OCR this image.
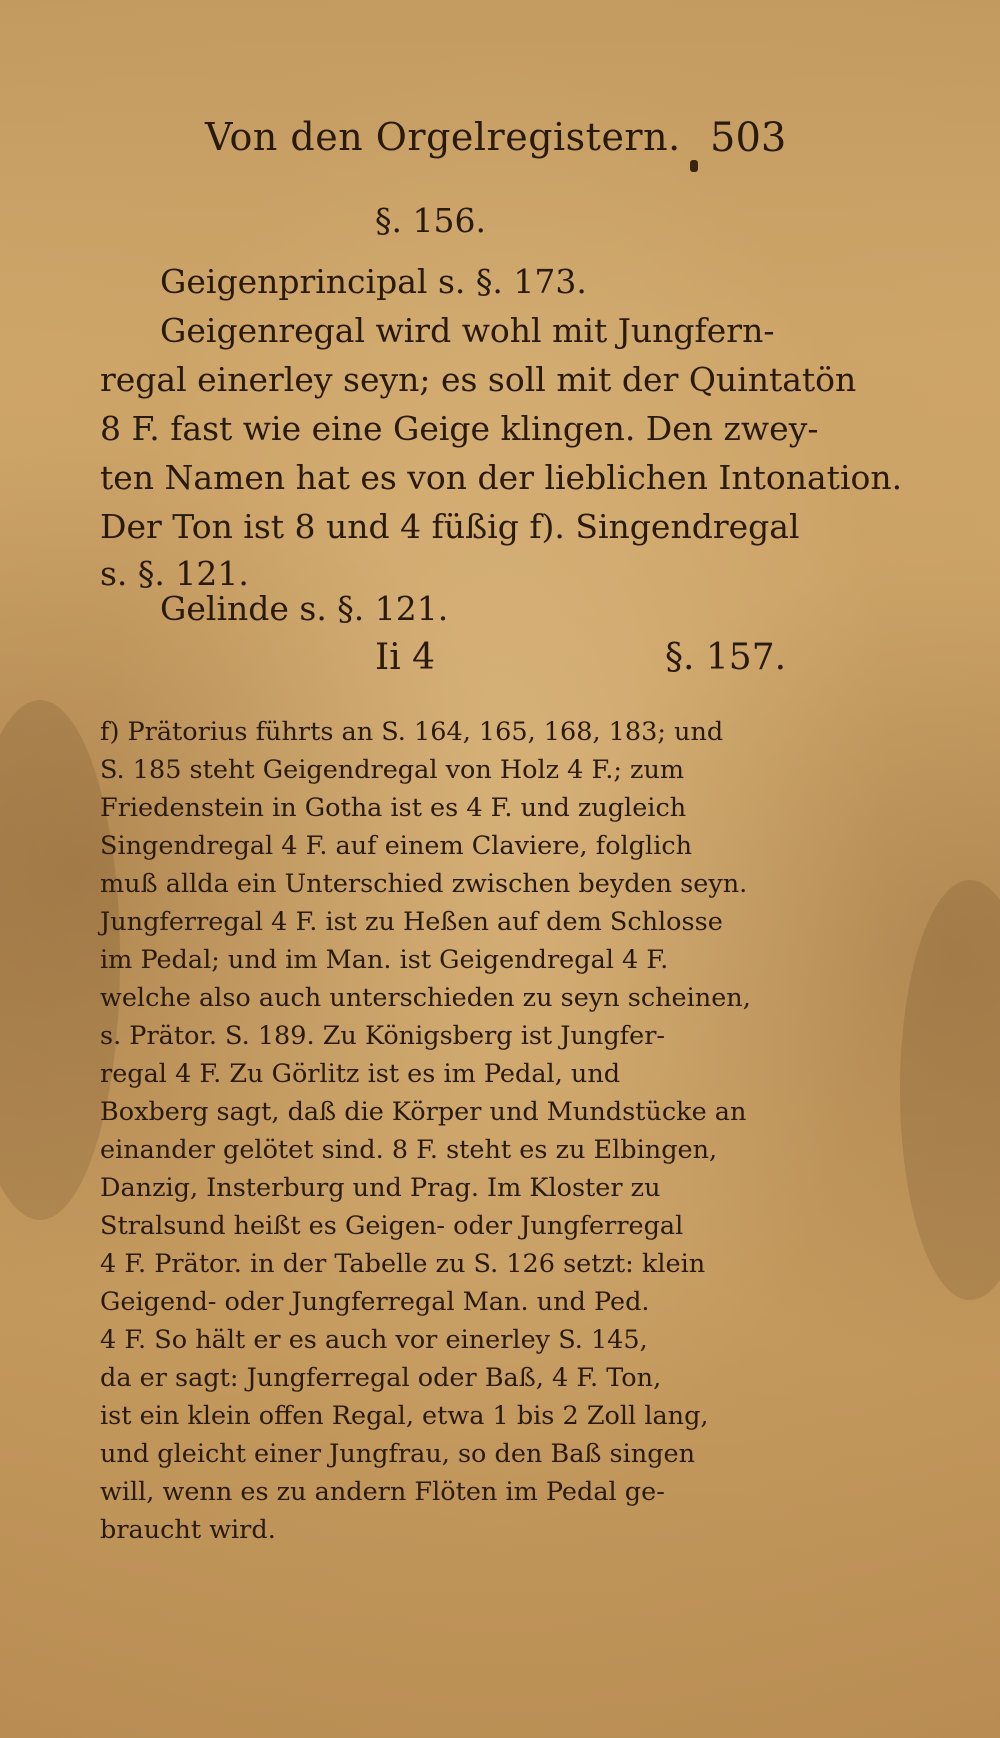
Von den Orgelregistern. 503
§. 156.
Geigenprincipal s. §. 173.
Geigenregal wird wohl mit Jungfern-
regal einerley seyn; es soll mit der Quintatön
8 F. fast wie eine Geige klingen. Den zwey-
ten Namen hat es von der lieblichen Intonation.
Der Ton ist 8 und 4 füßig f). Singendregal
s. §. 121.
Gelinde s. §. 121.
Ii 4	§. 157.
f) Prätorius führts an S. 164, 165, 168, 183; und
S. 185 steht Geigendregal von Holz 4 F.; zum
Friedenstein in Gotha ist es 4 F. und zugleich
Singendregal 4 F. auf einem Claviere, folglich
muß allda ein Unterschied zwischen beyden seyn.
Jungferregal 4 F. ist zu Heßen auf dem Schlosse
im Pedal; und im Man. ist Geigendregal 4 F.
welche also auch unterschieden zu seyn scheinen,
s. Prätor. S. 189. Zu Königsberg ist Jungfer-
regal 4 F. Zu Görlitz ist es im Pedal, und
Boxberg sagt, daß die Körper und Mundstücke an
einander gelötet sind. 8 F. steht es zu Elbingen,
Danzig, Insterburg und Prag. Im Kloster zu
Stralsund heißt es Geigen- oder Jungferregal
4 F. Prätor. in der Tabelle zu S. 126 setzt: klein
Geigend- oder Jungferregal Man. und Ped.
4 F. So hält er es auch vor einerley S. 145,
da er sagt: Jungferregal oder Baß, 4 F. Ton,
ist ein klein offen Regal, etwa 1 bis 2 Zoll lang,
und gleicht einer Jungfrau, so den Baß singen
will, wenn es zu andern Flöten im Pedal ge-
braucht wird.
